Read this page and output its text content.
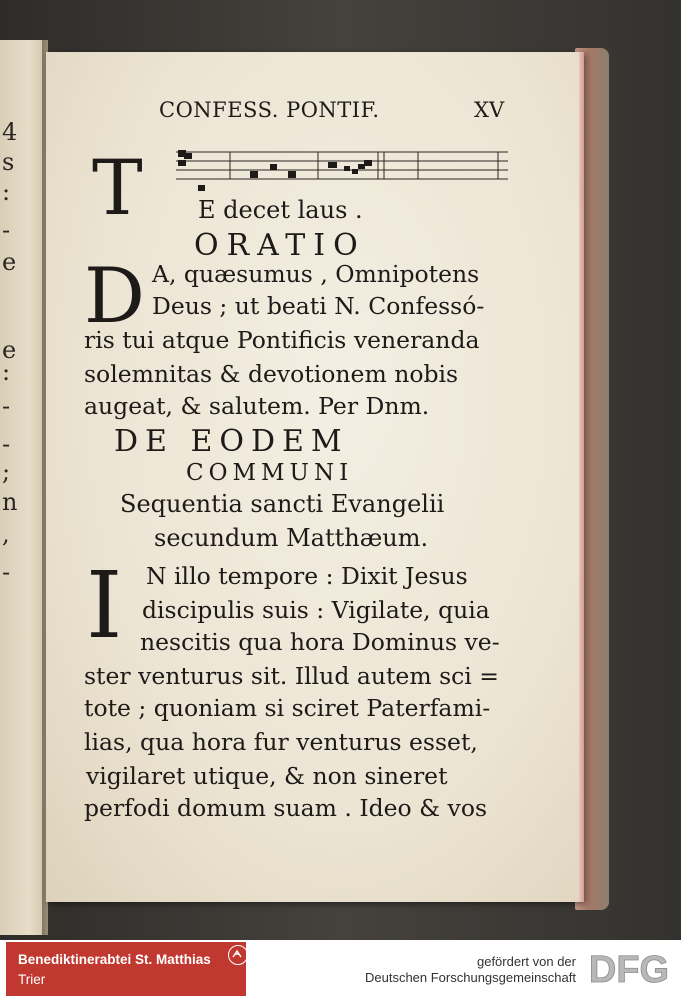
4
s
:
-
e
e
:
-
-
;
n
,
-
CONFESS. PONTIF.	XV
T E decet laus .
ORATIO
D A, quæsumus , Omnipotens
Deus ; ut beati N. Confessó-
ris tui atque Pontificis veneranda
solemnitas & devotionem nobis
augeat, & salutem. Per Dnm.
DE EODEM
COMMUNI
Sequentia sancti Evangelii
secundum Matthæum.
I N illo tempore : Dixit Jesus
discipulis suis : Vigilate, quia
nescitis qua hora Dominus ve-
ster venturus sit. Illud autem sci =
tote ; quoniam si sciret Paterfami-
lias, qua hora fur venturus esset,
vigilaret utique, & non sineret
perfodi domum suam . Ideo & vos
Benediktinerabtei St. Matthias
Trier
gefördert von der
Deutschen Forschungsgemeinschaft DFG
